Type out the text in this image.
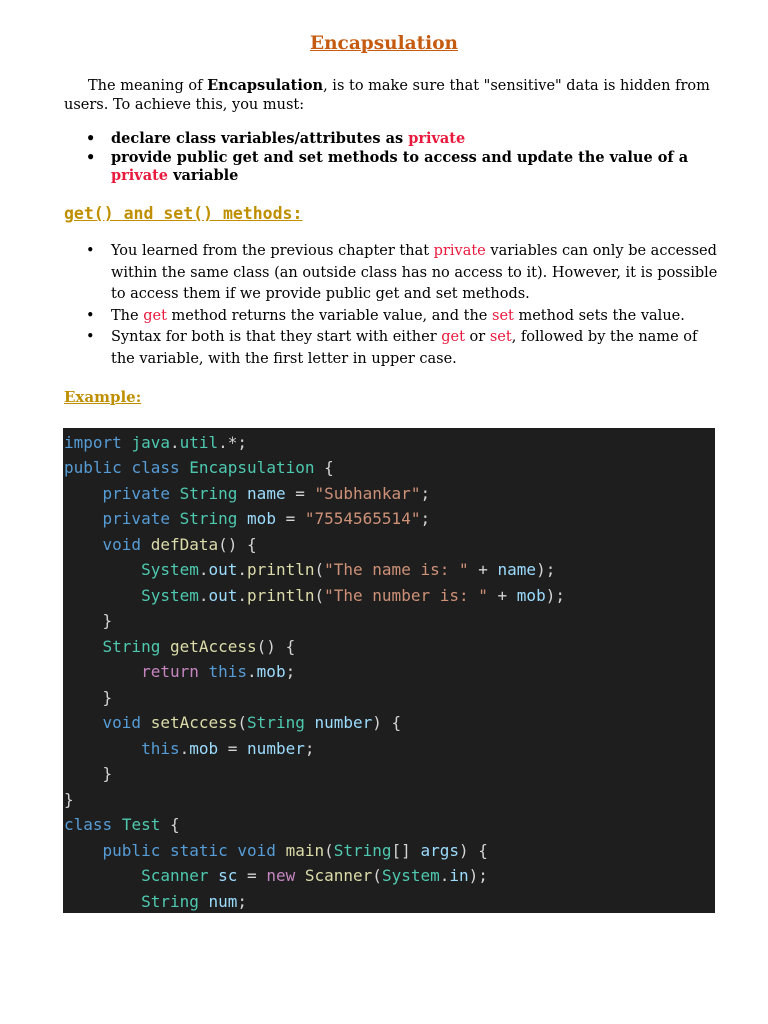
Encapsulation
The meaning of Encapsulation, is to make sure that "sensitive" data is hidden from users. To achieve this, you must:
• declare class variables/attributes as private
• provide public get and set methods to access and update the value of a private variable
get() and set() methods:
• You learned from the previous chapter that private variables can only be accessed within the same class (an outside class has no access to it). However, it is possible to access them if we provide public get and set methods.
• The get method returns the variable value, and the set method sets the value.
• Syntax for both is that they start with either get or set, followed by the name of the variable, with the first letter in upper case.
Example:
import java.util.*;
public class Encapsulation {
private String name = "Subhankar";
private String mob = "7554565514";
void defData() {
System.out.println("The name is: " + name);
System.out.println("The number is: " + mob);
}
String getAccess() {
return this.mob;
}
void setAccess(String number) {
this.mob = number;
}
}
class Test {
public static void main(String[] args) {
Scanner sc = new Scanner(System.in);
String num;
